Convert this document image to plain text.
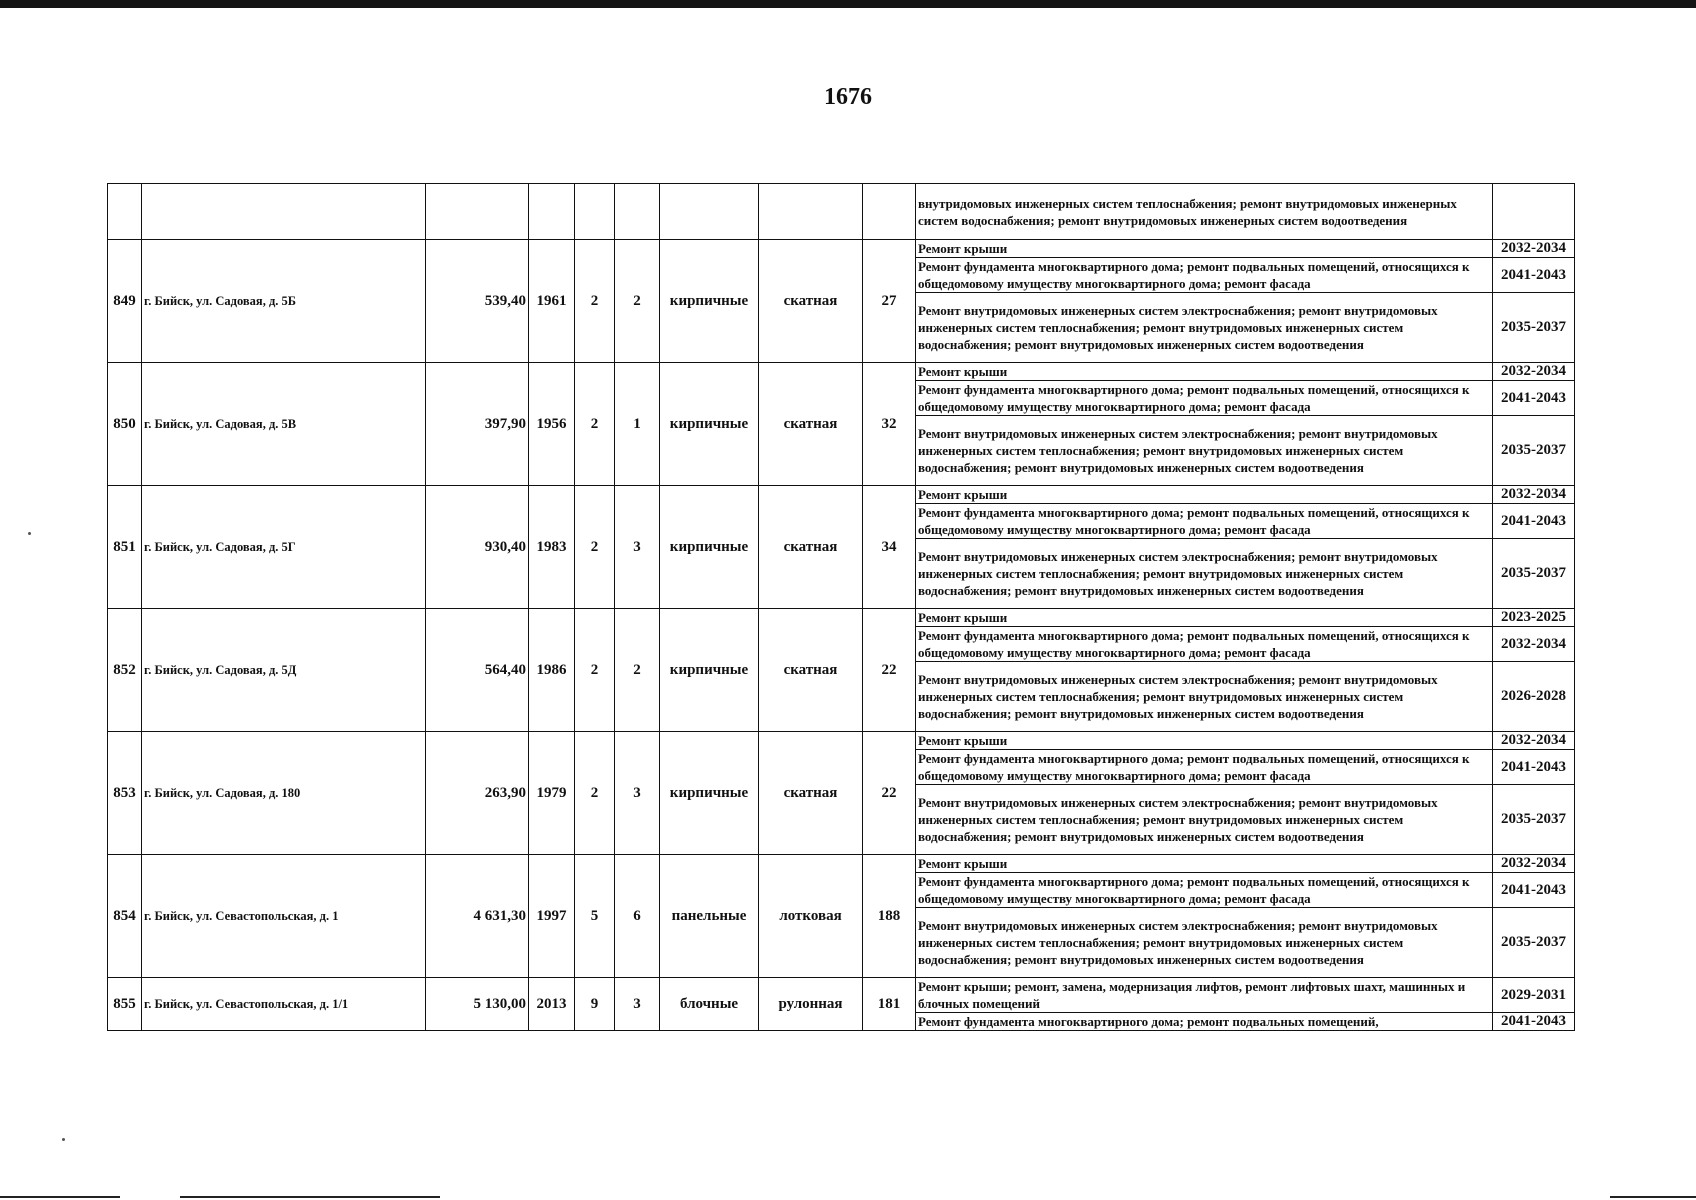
1676
									внутридомовых инженерных систем теплоснабжения; ремонт внутридомовых инженерных систем водоснабжения; ремонт внутридомовых инженерных систем водоотведения	
849	г. Бийск, ул. Садовая, д. 5Б	539,40	1961	2	2	кирпичные	скатная	27	Ремонт крыши	2032-2034
									Ремонт фундамента многоквартирного дома; ремонт подвальных помещений, относящихся к общедомовому имуществу многоквартирного дома; ремонт фасада	2041-2043
									Ремонт внутридомовых инженерных систем электроснабжения; ремонт внутридомовых инженерных систем теплоснабжения; ремонт внутридомовых инженерных систем водоснабжения; ремонт внутридомовых инженерных систем водоотведения	2035-2037
850	г. Бийск, ул. Садовая, д. 5В	397,90	1956	2	1	кирпичные	скатная	32	Ремонт крыши	2032-2034
									Ремонт фундамента многоквартирного дома; ремонт подвальных помещений, относящихся к общедомовому имуществу многоквартирного дома; ремонт фасада	2041-2043
									Ремонт внутридомовых инженерных систем электроснабжения; ремонт внутридомовых инженерных систем теплоснабжения; ремонт внутридомовых инженерных систем водоснабжения; ремонт внутридомовых инженерных систем водоотведения	2035-2037
851	г. Бийск, ул. Садовая, д. 5Г	930,40	1983	2	3	кирпичные	скатная	34	Ремонт крыши	2032-2034
									Ремонт фундамента многоквартирного дома; ремонт подвальных помещений, относящихся к общедомовому имуществу многоквартирного дома; ремонт фасада	2041-2043
									Ремонт внутридомовых инженерных систем электроснабжения; ремонт внутридомовых инженерных систем теплоснабжения; ремонт внутридомовых инженерных систем водоснабжения; ремонт внутридомовых инженерных систем водоотведения	2035-2037
852	г. Бийск, ул. Садовая, д. 5Д	564,40	1986	2	2	кирпичные	скатная	22	Ремонт крыши	2023-2025
									Ремонт фундамента многоквартирного дома; ремонт подвальных помещений, относящихся к общедомовому имуществу многоквартирного дома; ремонт фасада	2032-2034
									Ремонт внутридомовых инженерных систем электроснабжения; ремонт внутридомовых инженерных систем теплоснабжения; ремонт внутридомовых инженерных систем водоснабжения; ремонт внутридомовых инженерных систем водоотведения	2026-2028
853	г. Бийск, ул. Садовая, д. 180	263,90	1979	2	3	кирпичные	скатная	22	Ремонт крыши	2032-2034
									Ремонт фундамента многоквартирного дома; ремонт подвальных помещений, относящихся к общедомовому имуществу многоквартирного дома; ремонт фасада	2041-2043
									Ремонт внутридомовых инженерных систем электроснабжения; ремонт внутридомовых инженерных систем теплоснабжения; ремонт внутридомовых инженерных систем водоснабжения; ремонт внутридомовых инженерных систем водоотведения	2035-2037
854	г. Бийск, ул. Севастопольская, д. 1	4 631,30	1997	5	6	панельные	лотковая	188	Ремонт крыши	2032-2034
									Ремонт фундамента многоквартирного дома; ремонт подвальных помещений, относящихся к общедомовому имуществу многоквартирного дома; ремонт фасада	2041-2043
									Ремонт внутридомовых инженерных систем электроснабжения; ремонт внутридомовых инженерных систем теплоснабжения; ремонт внутридомовых инженерных систем водоснабжения; ремонт внутридомовых инженерных систем водоотведения	2035-2037
855	г. Бийск, ул. Севастопольская, д. 1/1	5 130,00	2013	9	3	блочные	рулонная	181	Ремонт крыши; ремонт, замена, модернизация лифтов, ремонт лифтовых шахт, машинных и блочных помещений	2029-2031
									Ремонт фундамента многоквартирного дома; ремонт подвальных помещений,	2041-2043
